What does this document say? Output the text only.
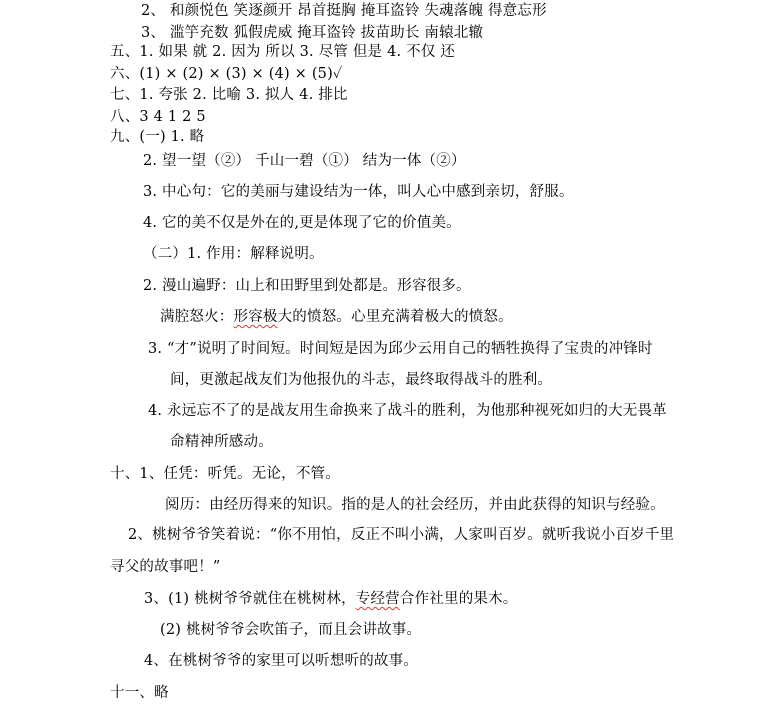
2、 和颜悦色 笑逐颜开 昂首挺胸 掩耳盗铃 失魂落魄 得意忘形
3、 滥竽充数 狐假虎威 掩耳盗铃 拔苗助长 南辕北辙
五、1. 如果 就 2. 因为 所以 3. 尽管 但是 4. 不仅 还
六、(1) × (2) × (3) × (4) × (5)✓
七、1. 夸张 2. 比喻 3. 拟人 4. 排比
八、3 4 1 2 5
九、(一) 1. 略
2. 望一望（②） 千山一碧（①） 结为一体（②）
3. 中心句：它的美丽与建设结为一体，叫人心中感到亲切，舒服。
4. 它的美不仅是外在的,更是体现了它的价值美。
（二）1. 作用：解释说明。
2. 漫山遍野：山上和田野里到处都是。形容很多。
满腔怒火：形容极大的愤怒。心里充满着极大的愤怒。
3. “才”说明了时间短。时间短是因为邱少云用自己的牺牲换得了宝贵的冲锋时
间，更激起战友们为他报仇的斗志，最终取得战斗的胜利。
4. 永远忘不了的是战友用生命换来了战斗的胜利，为他那种视死如归的大无畏革
命精神所感动。
十、1、任凭：听凭。无论，不管。
阅历：由经历得来的知识。指的是人的社会经历，并由此获得的知识与经验。
2、桃树爷爷笑着说：“你不用怕，反正不叫小满，人家叫百岁。就听我说小百岁千里
寻父的故事吧！”
3、(1) 桃树爷爷就住在桃树林，专经营合作社里的果木。
(2) 桃树爷爷会吹笛子，而且会讲故事。
4、在桃树爷爷的家里可以听想听的故事。
十一、略
